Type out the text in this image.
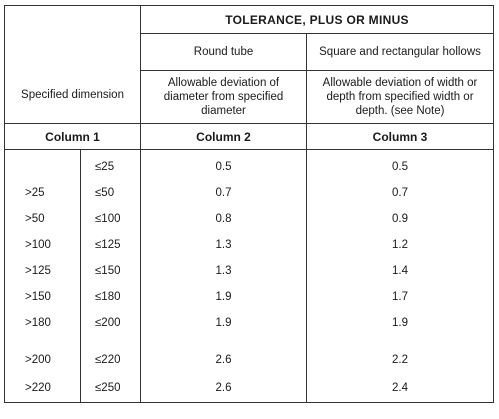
Specified dimension		TOLERANCE, PLUS OR MINUS	
		Round tube	Square and rectangular hollows
		Allowable deviation of diameter from specified diameter	Allowable deviation of width or depth from specified width or depth. (see Note)
Column 1		Column 2	Column 3
	≤25	0.5	0.5
>25	≤50	0.7	0.7
>50	≤100	0.8	0.9
>100	≤125	1.3	1.2
>125	≤150	1.3	1.4
>150	≤180	1.9	1.7
>180	≤200	1.9	1.9
>200	≤220	2.6	2.2
>220	≤250	2.6	2.4
